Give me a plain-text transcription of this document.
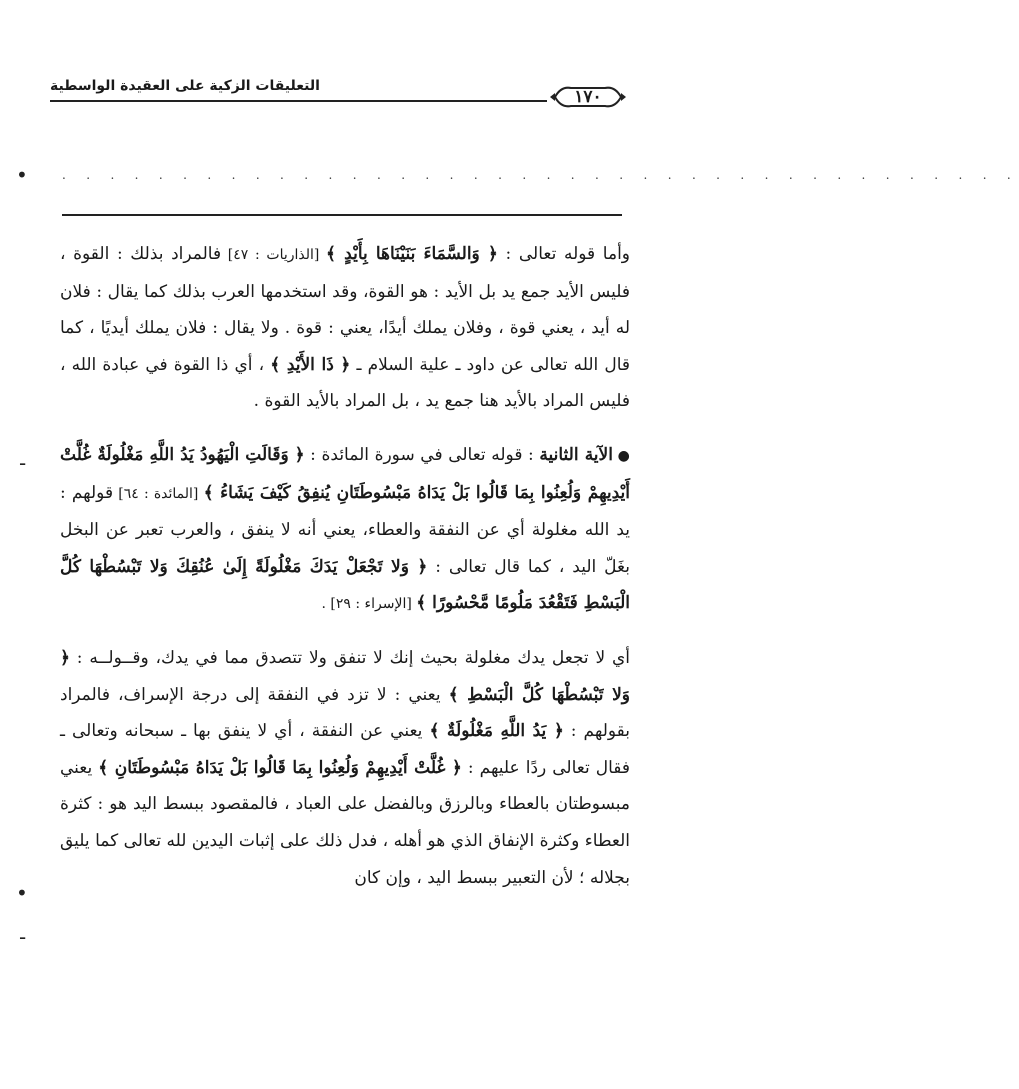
١٧٠
التعليقات الزكية على العقيدة الواسطية
. . . . . . . . . . . . . . . . . . . . . . . . . . . . . . . . . . . . . . . .
•
-
•
-

وأما قوله تعالى : ﴿ وَالسَّمَاءَ بَنَيْنَاهَا بِأَيْدٍ ﴾ [الذاريات : ٤٧] فالمراد بذلك : القوة ، فليس الأيد جمع يد بل الأيد : هو القوة، وقد استخدمها العرب بذلك كما يقال : فلان له أيد ، يعني قوة ، وفلان يملك أيدًا، يعني : قوة . ولا يقال : فلان يملك أيديًا ، كما قال الله تعالى عن داود ـ علية السلام ـ ﴿ ذَا الأَيْدِ ﴾ ، أي ذا القوة في عبادة الله ، فليس المراد بالأيد هنا جمع يد ، بل المراد بالأيد القوة .

● الآية الثانية : قوله تعالى في سورة المائدة : ﴿ وَقَالَتِ الْيَهُودُ يَدُ اللَّهِ مَغْلُولَةٌ غُلَّتْ أَيْدِيهِمْ وَلُعِنُوا بِمَا قَالُوا بَلْ يَدَاهُ مَبْسُوطَتَانِ يُنفِقُ كَيْفَ يَشَاءُ ﴾ [المائدة : ٦٤] قولهم : يد الله مغلولة أي عن النفقة والعطاء، يعني أنه لا ينفق ، والعرب تعبر عن البخل بغَلّ اليد ، كما قال تعالى : ﴿ وَلا تَجْعَلْ يَدَكَ مَغْلُولَةً إِلَىٰ عُنُقِكَ وَلا تَبْسُطْهَا كُلَّ الْبَسْطِ فَتَقْعُدَ مَلُومًا مَّحْسُورًا ﴾ [الإسراء : ٢٩] .

أي لا تجعل يدك مغلولة بحيث إنك لا تنفق ولا تتصدق مما في يدك، وقــولــه : ﴿ وَلا تَبْسُطْهَا كُلَّ الْبَسْطِ ﴾ يعني : لا تزد في النفقة إلى درجة الإسراف، فالمراد بقولهم : ﴿ يَدُ اللَّهِ مَغْلُولَةٌ ﴾ يعني عن النفقة ، أي لا ينفق بها ـ سبحانه وتعالى ـ فقال تعالى ردًا عليهم : ﴿ غُلَّتْ أَيْدِيهِمْ وَلُعِنُوا بِمَا قَالُوا بَلْ يَدَاهُ مَبْسُوطَتَانِ ﴾ يعني مبسوطتان بالعطاء وبالرزق وبالفضل على العباد ، فالمقصود ببسط اليد هو : كثرة العطاء وكثرة الإنفاق الذي هو أهله ، فدل ذلك على إثبات اليدين لله تعالى كما يليق بجلاله ؛ لأن التعبير ببسط اليد ، وإن كان
